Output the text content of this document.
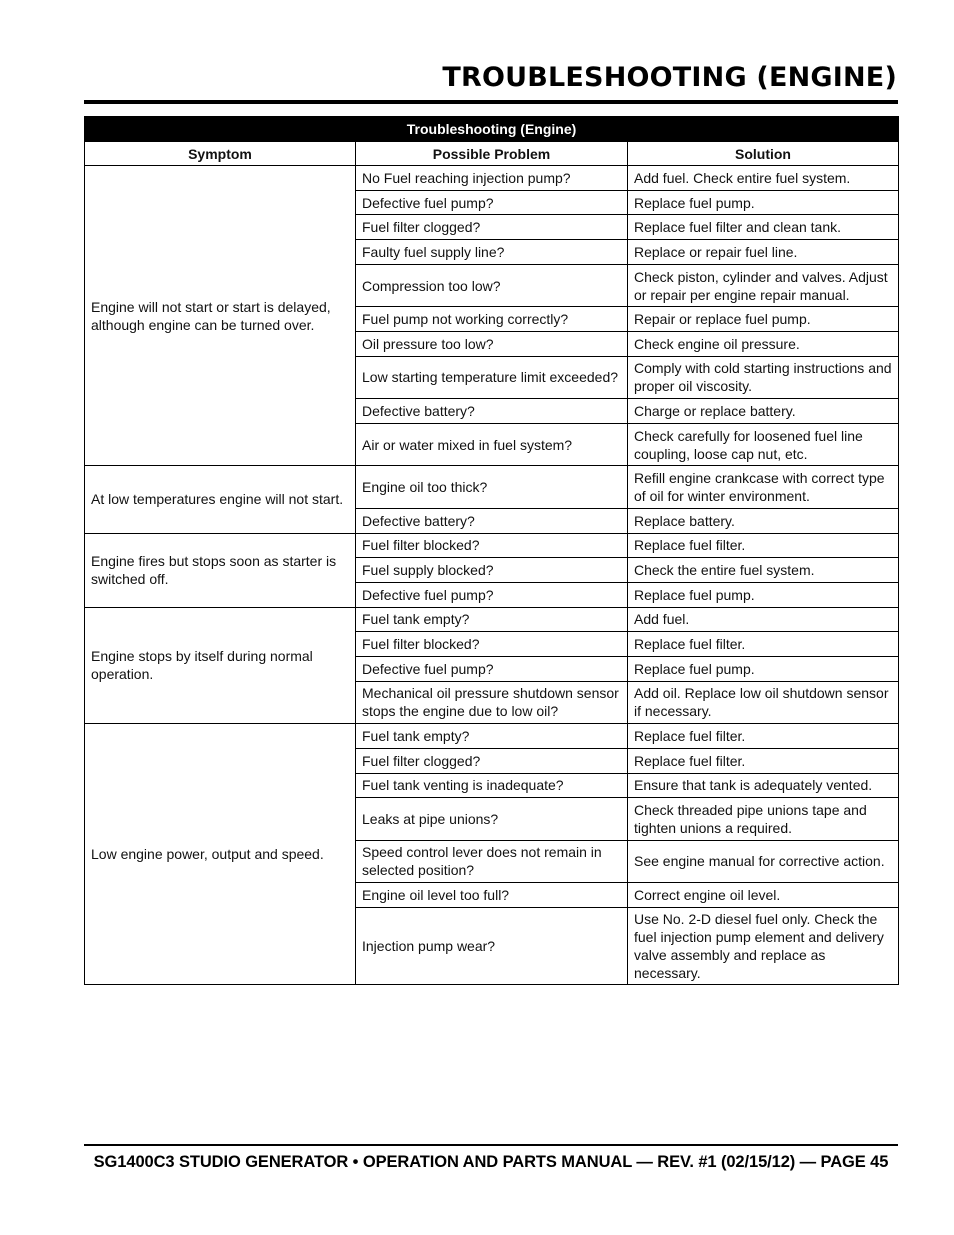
TROUBLESHOOTING (ENGINE)
Troubleshooting (Engine)		
Symptom	Possible Problem	Solution
Engine will not start or start is delayed, although engine can be turned over.	No Fuel reaching injection pump?	Add fuel. Check entire fuel system.
	Defective fuel pump?	Replace fuel pump.
	Fuel filter clogged?	Replace fuel filter and clean tank.
	Faulty fuel supply line?	Replace or repair fuel line.
	Compression too low?	Check piston, cylinder and valves. Adjust or repair per engine repair manual.
	Fuel pump not working correctly?	Repair or replace fuel pump.
	Oil pressure too low?	Check engine oil pressure.
	Low starting temperature limit exceeded?	Comply with cold starting instructions and proper oil viscosity.
	Defective battery?	Charge or replace battery.
	Air or water mixed in fuel system?	Check carefully for loosened fuel line coupling, loose cap nut, etc.
At low temperatures engine will not start.	Engine oil too thick?	Refill engine crankcase with correct type of oil for winter environment.
	Defective battery?	Replace battery.
Engine fires but stops soon as starter is switched off.	Fuel filter blocked?	Replace fuel filter.
	Fuel supply blocked?	Check the entire fuel system.
	Defective fuel pump?	Replace fuel pump.
Engine stops by itself during normal operation.	Fuel tank empty?	Add fuel.
	Fuel filter blocked?	Replace fuel filter.
	Defective fuel pump?	Replace fuel pump.
	Mechanical oil pressure shutdown sensor stops the engine due to low oil?	Add oil. Replace low oil shutdown sensor if necessary.
Low engine power, output and speed.	Fuel tank empty?	Replace fuel filter.
	Fuel filter clogged?	Replace fuel filter.
	Fuel tank venting is inadequate?	Ensure that tank is adequately vented.
	Leaks at pipe unions?	Check threaded pipe unions tape and tighten unions a required.
	Speed control lever does not remain in selected position?	See engine manual for corrective action.
	Engine oil level too full?	Correct engine oil level.
	Injection pump wear?	Use No. 2-D diesel fuel only. Check the fuel injection pump element and delivery valve assembly and replace as necessary.
SG1400C3 STUDIO GENERATOR • OPERATION AND PARTS MANUAL — REV. #1 (02/15/12) — PAGE 45
